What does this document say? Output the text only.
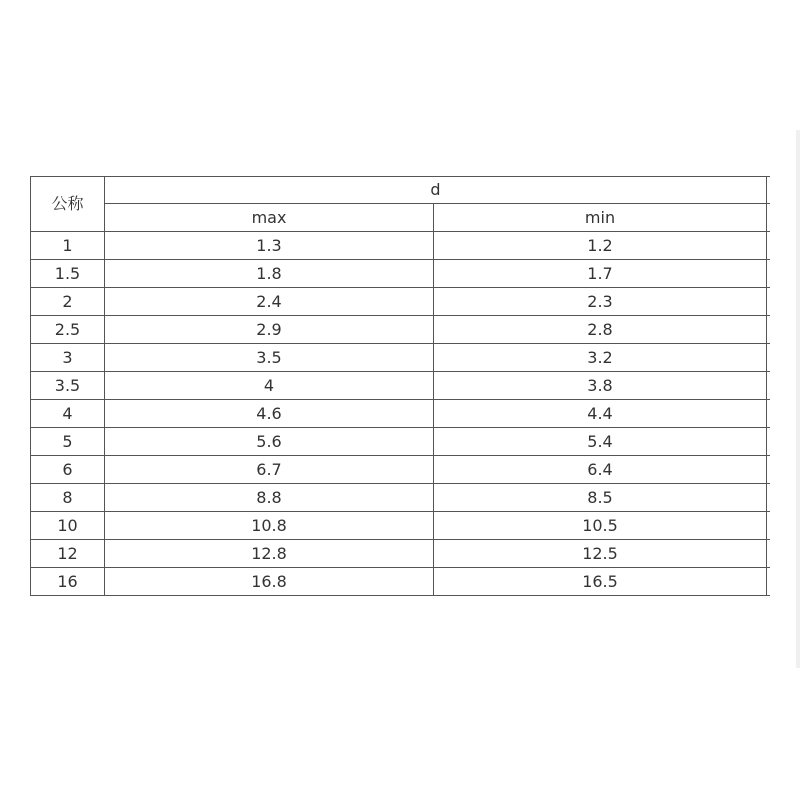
公称	d		
	max	min	
1	1.3	1.2	
1.5	1.8	1.7	
2	2.4	2.3	
2.5	2.9	2.8	
3	3.5	3.2	
3.5	4	3.8	
4	4.6	4.4	
5	5.6	5.4	
6	6.7	6.4	
8	8.8	8.5	
10	10.8	10.5	
12	12.8	12.5	
16	16.8	16.5	
